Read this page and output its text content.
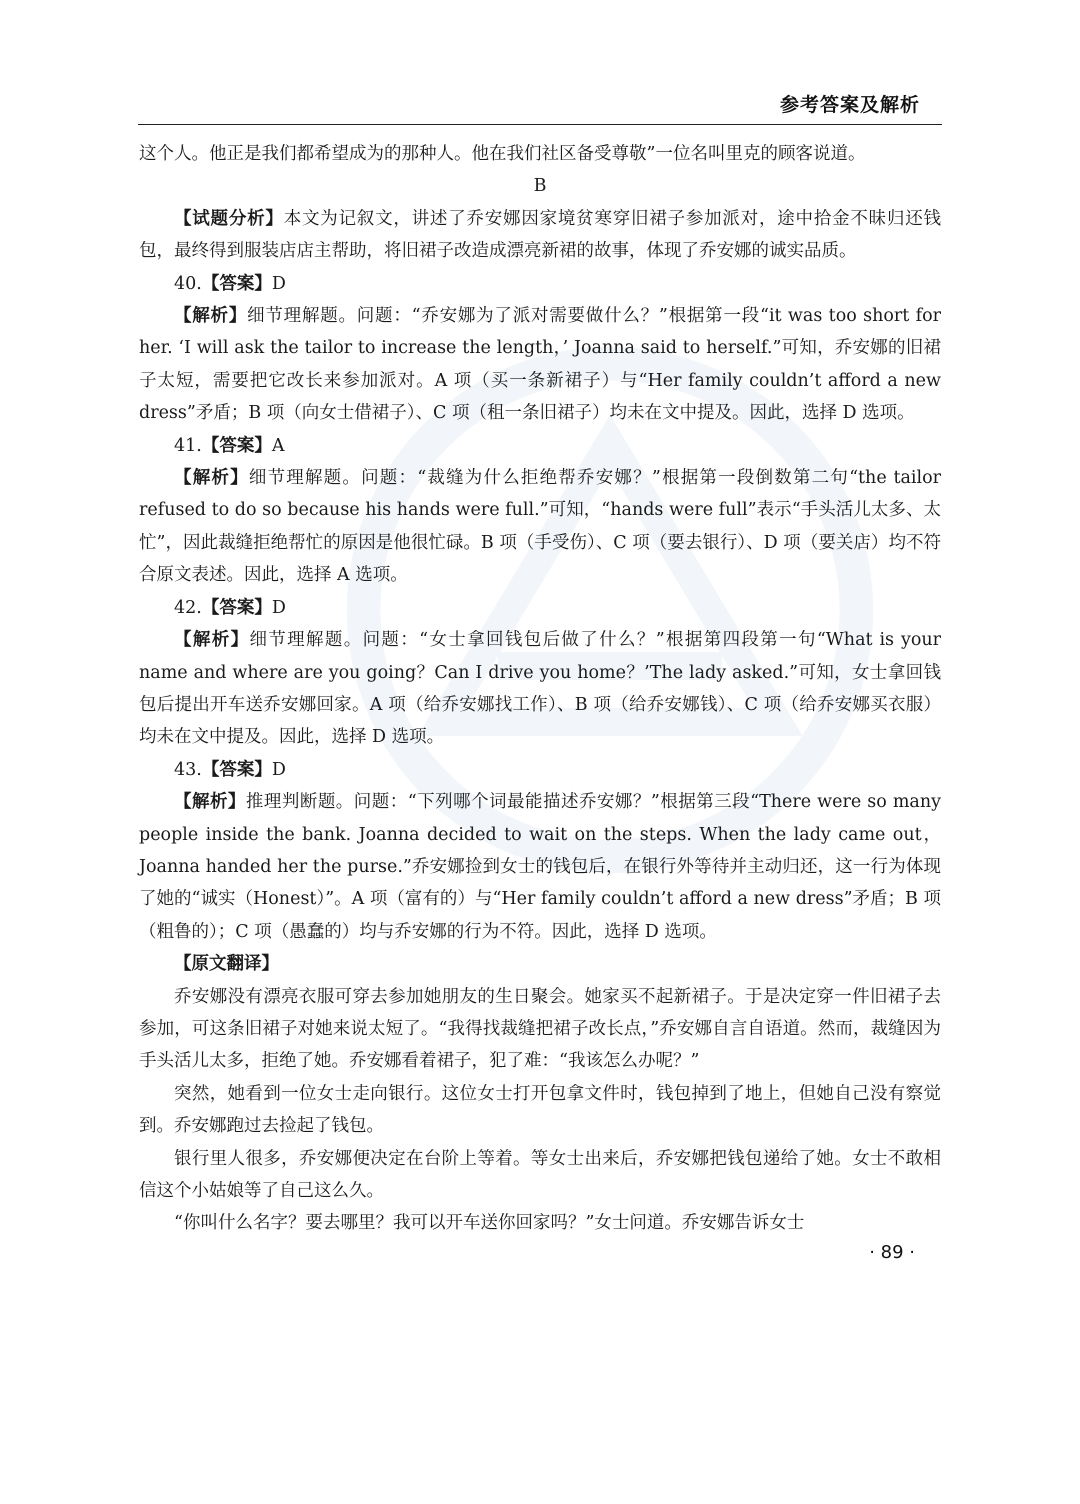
参考答案及解析

这个人。他正是我们都希望成为的那种人。他在我们社区备受尊敬”一位名叫里克的顾客说道。

B

【试题分析】本文为记叙文，讲述了乔安娜因家境贫寒穿旧裙子参加派对，途中拾金不昧归还钱包，最终得到服装店店主帮助，将旧裙子改造成漂亮新裙的故事，体现了乔安娜的诚实品质。

40.【答案】D

【解析】细节理解题。问题：“乔安娜为了派对需要做什么？”根据第一段“it was too short for her. ‘I will ask the tailor to increase the length，’ Joanna said to herself.”可知，乔安娜的旧裙子太短，需要把它改长来参加派对。A 项（买一条新裙子）与“Her family couldn’t afford a new dress”矛盾；B 项（向女士借裙子）、C 项（租一条旧裙子）均未在文中提及。因此，选择 D 选项。

41.【答案】A

【解析】细节理解题。问题：“裁缝为什么拒绝帮乔安娜？”根据第一段倒数第二句“the tailor refused to do so because his hands were full.”可知，“hands were full”表示“手头活儿太多、太忙”，因此裁缝拒绝帮忙的原因是他很忙碌。B 项（手受伤）、C 项（要去银行）、D 项（要关店）均不符合原文表述。因此，选择 A 选项。

42.【答案】D

【解析】细节理解题。问题：“女士拿回钱包后做了什么？”根据第四段第一句“What is your name and where are you going？Can I drive you home？’The lady asked.”可知，女士拿回钱包后提出开车送乔安娜回家。A 项（给乔安娜找工作）、B 项（给乔安娜钱）、C 项（给乔安娜买衣服）均未在文中提及。因此，选择 D 选项。

43.【答案】D

【解析】推理判断题。问题：“下列哪个词最能描述乔安娜？”根据第三段“There were so many people inside the bank. Joanna decided to wait on the steps. When the lady came out，Joanna handed her the purse.”乔安娜捡到女士的钱包后，在银行外等待并主动归还，这一行为体现了她的“诚实（Honest）”。A 项（富有的）与“Her family couldn’t afford a new dress”矛盾；B 项（粗鲁的）；C 项（愚蠢的）均与乔安娜的行为不符。因此，选择 D 选项。

【原文翻译】

乔安娜没有漂亮衣服可穿去参加她朋友的生日聚会。她家买不起新裙子。于是决定穿一件旧裙子去参加，可这条旧裙子对她来说太短了。“我得找裁缝把裙子改长点，”乔安娜自言自语道。然而，裁缝因为手头活儿太多，拒绝了她。乔安娜看着裙子，犯了难：“我该怎么办呢？”

突然，她看到一位女士走向银行。这位女士打开包拿文件时，钱包掉到了地上，但她自己没有察觉到。乔安娜跑过去捡起了钱包。

银行里人很多，乔安娜便决定在台阶上等着。等女士出来后，乔安娜把钱包递给了她。女士不敢相信这个小姑娘等了自己这么久。

“你叫什么名字？要去哪里？我可以开车送你回家吗？”女士问道。乔安娜告诉女士

· 89 ·
